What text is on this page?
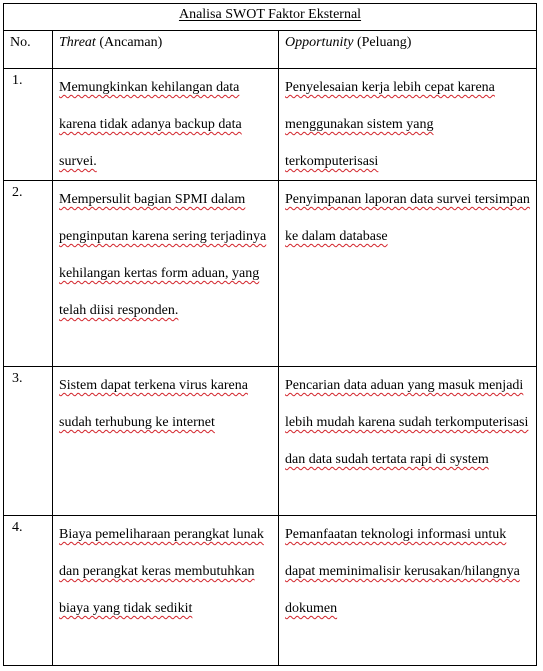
Analisa SWOT Faktor Eksternal		
No.	Threat (Ancaman)	Opportunity (Peluang)
1.	Memungkinkan kehilangan data karena tidak adanya backup data survei.	Penyelesaian kerja lebih cepat karena menggunakan sistem yang terkomputerisasi

2.	Mempersulit bagian SPMI dalam penginputan karena sering terjadinya kehilangan kertas form aduan, yang telah diisi responden.	Penyimpanan laporan data survei tersimpan ke dalam database

3.	Sistem dapat terkena virus karena sudah terhubung ke internet	Pencarian data aduan yang masuk menjadi lebih mudah karena sudah terkomputerisasi dan data sudah tertata rapi di system

4.	Biaya pemeliharaan perangkat lunak dan perangkat keras membutuhkan biaya yang tidak sedikit	Pemanfaatan teknologi informasi untuk dapat meminimalisir kerusakan/hilangnya dokumen
